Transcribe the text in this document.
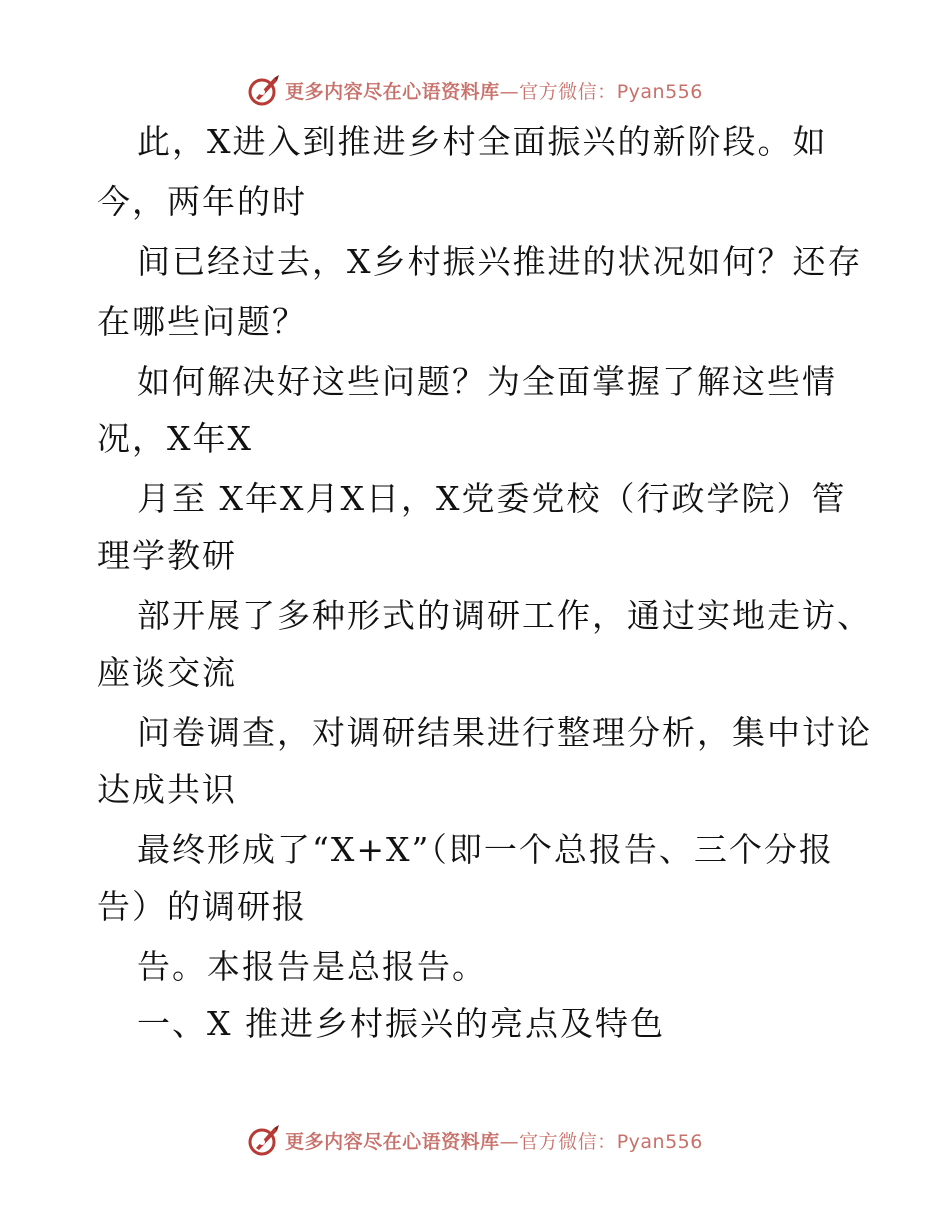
更多内容尽在心语资料库—官方微信：Pyan556
此，X进入到推进乡村全面振兴的新阶段。如
今，两年的时
间已经过去，X乡村振兴推进的状况如何？还存
在哪些问题？
如何解决好这些问题？为全面掌握了解这些情
况，X年X
月至 X年X月X日，X党委党校（行政学院）管
理学教研
部开展了多种形式的调研工作，通过实地走访、
座谈交流
问卷调查，对调研结果进行整理分析，集中讨论
达成共识
最终形成了“X+X”（即一个总报告、三个分报
告）的调研报
告。本报告是总报告。
一、X 推进乡村振兴的亮点及特色
更多内容尽在心语资料库—官方微信：Pyan556
